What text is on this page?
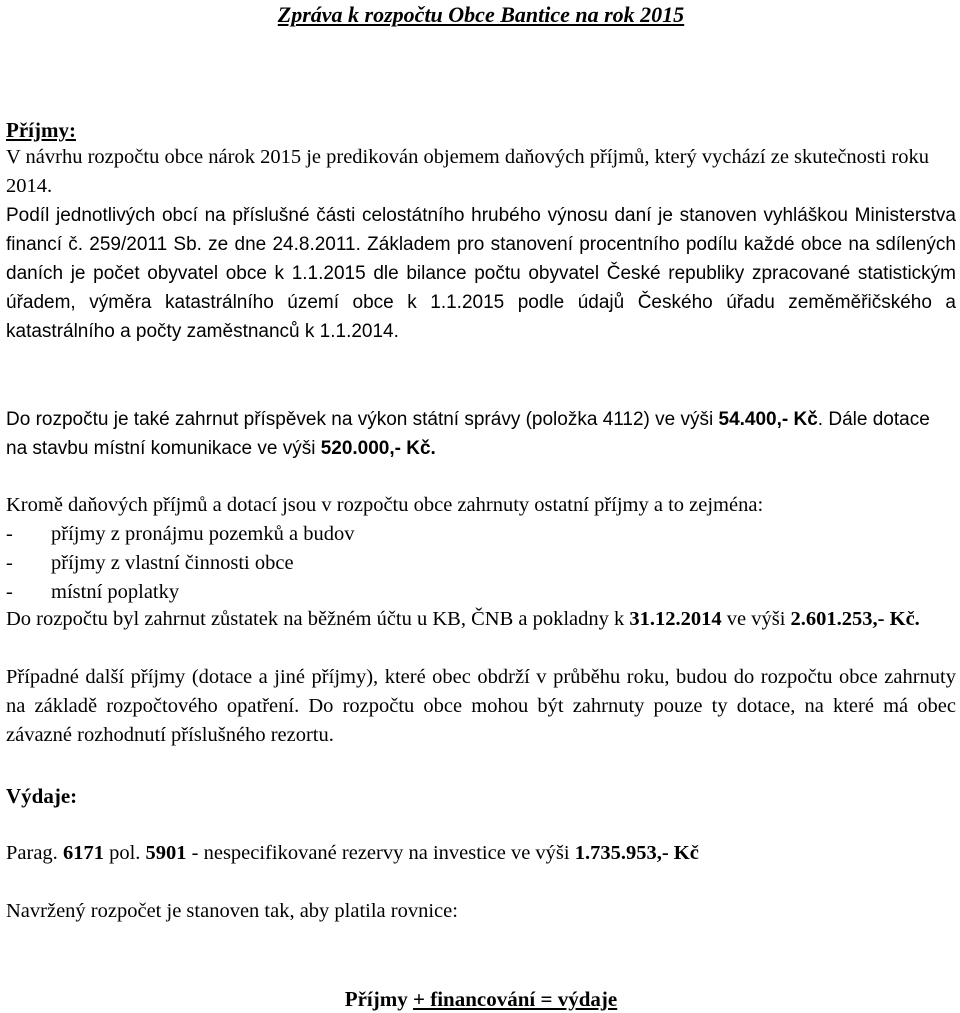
Zpráva k rozpočtu Obce Bantice na rok 2015
Příjmy:
V návrhu rozpočtu obce nárok 2015 je predikován objemem daňových příjmů, který vychází ze skutečnosti roku 2014.
Podíl jednotlivých obcí na příslušné části celostátního hrubého výnosu daní je stanoven vyhláškou Ministerstva financí č. 259/2011 Sb. ze dne 24.8.2011. Základem pro stanovení procentního podílu každé obce na sdílených daních je počet obyvatel obce k 1.1.2015 dle bilance počtu obyvatel České republiky zpracované statistickým úřadem, výměra katastrálního území obce k 1.1.2015 podle údajů Českého úřadu zeměměřičského a katastrálního a počty zaměstnanců k 1.1.2014.
Do rozpočtu je také zahrnut příspěvek na výkon státní správy (položka 4112) ve výši 54.400,- Kč. Dále dotace na stavbu místní komunikace ve výši 520.000,- Kč.
Kromě daňových příjmů a dotací jsou v rozpočtu obce zahrnuty ostatní příjmy a to zejména:
- příjmy z pronájmu pozemků a budov
- příjmy z vlastní činnosti obce
- místní poplatky
Do rozpočtu byl zahrnut zůstatek na běžném účtu u KB, ČNB a pokladny k 31.12.2014 ve výši 2.601.253,- Kč.
Případné další příjmy (dotace a jiné příjmy), které obec obdrží v průběhu roku, budou do rozpočtu obce zahrnuty na základě rozpočtového opatření. Do rozpočtu obce mohou být zahrnuty pouze ty dotace, na které má obec závazné rozhodnutí příslušného rezortu.
Výdaje:
Parag. 6171 pol. 5901 - nespecifikované rezervy na investice ve výši 1.735.953,- Kč
Navržený rozpočet je stanoven tak, aby platila rovnice:
Příjmy + financování = výdaje
